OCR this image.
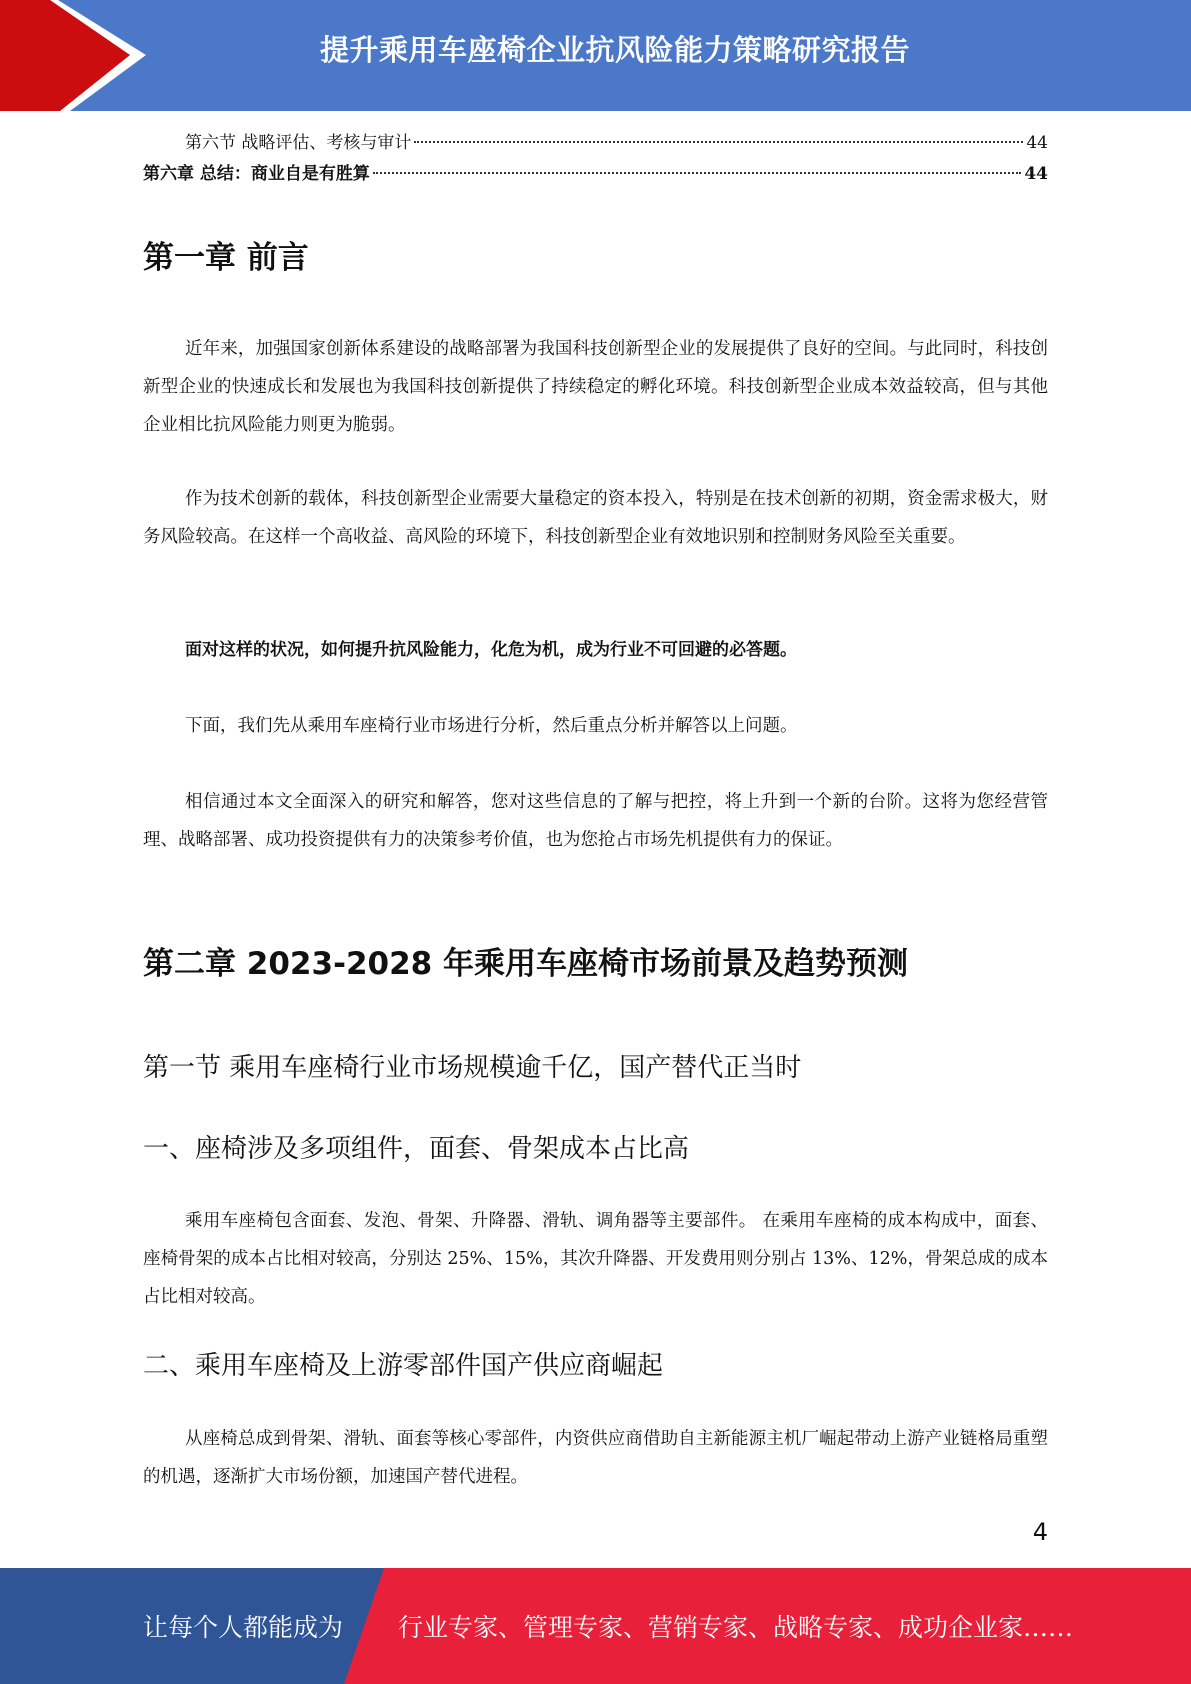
提升乘用车座椅企业抗风险能力策略研究报告
第六节 战略评估、考核与审计	44
第六章 总结：商业自是有胜算	44
第一章 前言

近年来，加强国家创新体系建设的战略部署为我国科技创新型企业的发展提供了良好的空间。与此同时，科技创新型企业的快速成长和发展也为我国科技创新提供了持续稳定的孵化环境。科技创新型企业成本效益较高，但与其他企业相比抗风险能力则更为脆弱。

作为技术创新的载体，科技创新型企业需要大量稳定的资本投入，特别是在技术创新的初期，资金需求极大，财务风险较高。在这样一个高收益、高风险的环境下，科技创新型企业有效地识别和控制财务风险至关重要。

面对这样的状况，如何提升抗风险能力，化危为机，成为行业不可回避的必答题。

下面，我们先从乘用车座椅行业市场进行分析，然后重点分析并解答以上问题。

相信通过本文全面深入的研究和解答，您对这些信息的了解与把控，将上升到一个新的台阶。这将为您经营管理、战略部署、成功投资提供有力的决策参考价值，也为您抢占市场先机提供有力的保证。

第二章 2023-2028 年乘用车座椅市场前景及趋势预测
第一节 乘用车座椅行业市场规模逾千亿，国产替代正当时
一、座椅涉及多项组件，面套、骨架成本占比高

乘用车座椅包含面套、发泡、骨架、升降器、滑轨、调角器等主要部件。 在乘用车座椅的成本构成中，面套、座椅骨架的成本占比相对较高，分别达 25%、15%，其次升降器、开发费用则分别占 13%、12%，骨架总成的成本占比相对较高。

二、乘用车座椅及上游零部件国产供应商崛起

从座椅总成到骨架、滑轨、面套等核心零部件，内资供应商借助自主新能源主机厂崛起带动上游产业链格局重塑的机遇，逐渐扩大市场份额，加速国产替代进程。

4
让每个人都能成为 行业专家、管理专家、营销专家、战略专家、成功企业家……
